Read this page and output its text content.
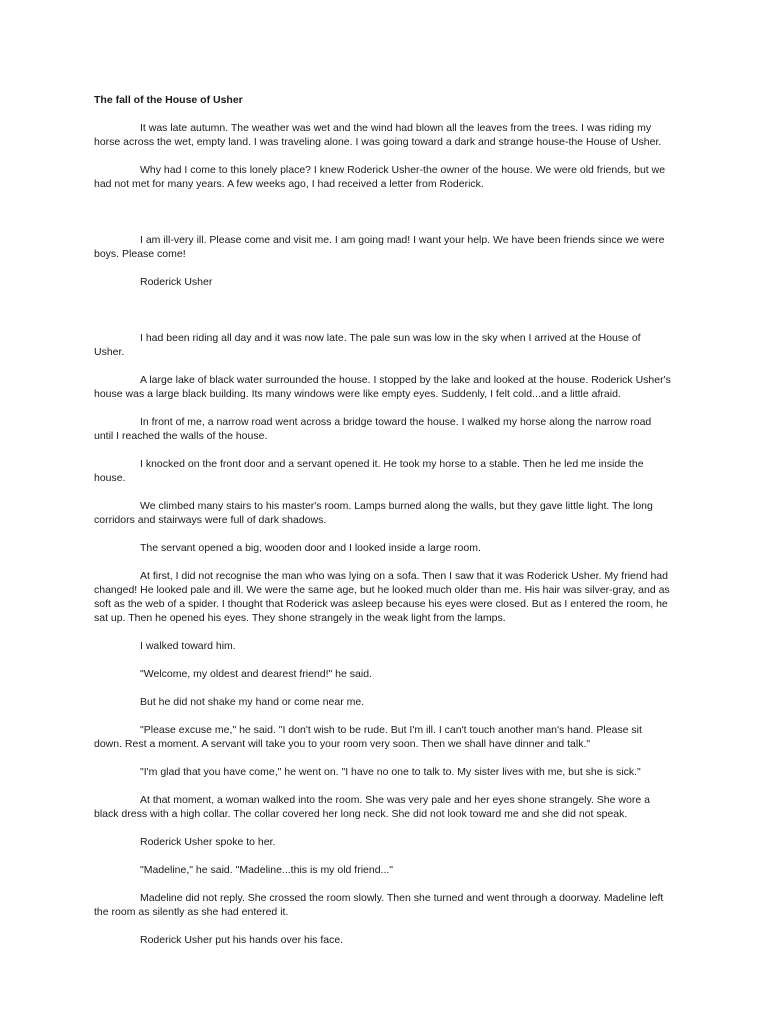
The fall of the House of Usher

It was late autumn. The weather was wet and the wind had blown all the leaves from the trees. I was riding my horse across the wet, empty land. I was traveling alone. I was going toward a dark and strange house-the House of Usher.

Why had I come to this lonely place? I knew Roderick Usher-the owner of the house. We were old friends, but we had not met for many years. A few weeks ago, I had received a letter from Roderick.

I am ill-very ill. Please come and visit me. I am going mad! I want your help. We have been friends since we were boys. Please come!

Roderick Usher

I had been riding all day and it was now late. The pale sun was low in the sky when I arrived at the House of Usher.

A large lake of black water surrounded the house. I stopped by the lake and looked at the house. Roderick Usher's house was a large black building. Its many windows were like empty eyes. Suddenly, I felt cold...and a little afraid.

In front of me, a narrow road went across a bridge toward the house. I walked my horse along the narrow road until I reached the walls of the house.

I knocked on the front door and a servant opened it. He took my horse to a stable. Then he led me inside the house.

We climbed many stairs to his master's room. Lamps burned along the walls, but they gave little light. The long corridors and stairways were full of dark shadows.

The servant opened a big, wooden door and I looked inside a large room.

At first, I did not recognise the man who was lying on a sofa. Then I saw that it was Roderick Usher. My friend had changed! He looked pale and ill. We were the same age, but he looked much older than me. His hair was silver-gray, and as soft as the web of a spider. I thought that Roderick was asleep because his eyes were closed. But as I entered the room, he sat up. Then he opened his eyes. They shone strangely in the weak light from the lamps.

I walked toward him.

"Welcome, my oldest and dearest friend!" he said.

But he did not shake my hand or come near me.

"Please excuse me," he said. "I don't wish to be rude. But I'm ill. I can't touch another man's hand. Please sit down. Rest a moment. A servant will take you to your room very soon. Then we shall have dinner and talk."

"I'm glad that you have come," he went on. "I have no one to talk to. My sister lives with me, but she is sick."

At that moment, a woman walked into the room. She was very pale and her eyes shone strangely. She wore a black dress with a high collar. The collar covered her long neck. She did not look toward me and she did not speak.

Roderick Usher spoke to her.

"Madeline," he said. "Madeline...this is my old friend..."

Madeline did not reply. She crossed the room slowly. Then she turned and went through a doorway. Madeline left the room as silently as she had entered it.

Roderick Usher put his hands over his face.
